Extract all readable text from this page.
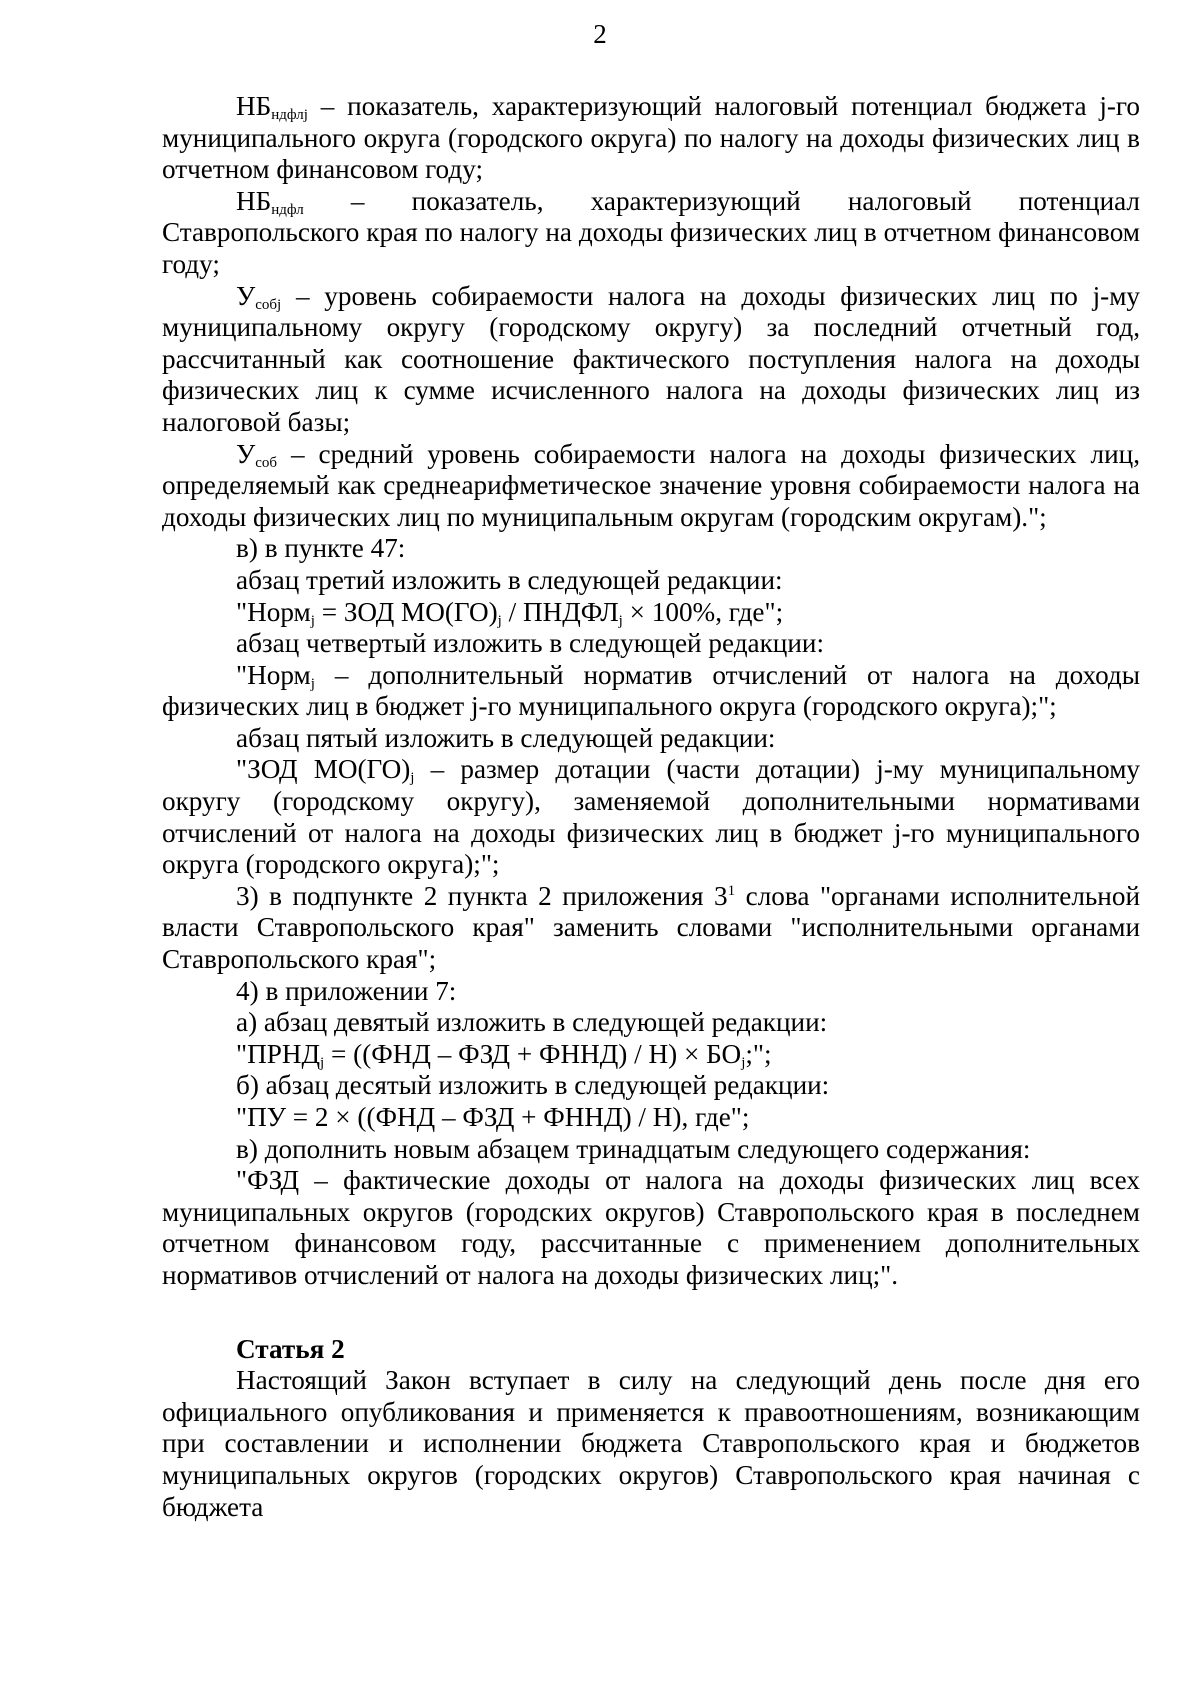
2

$НБ_{ндфлj}$ – показатель, характеризующий налоговый потенциал бюджета j-го муниципального округа (городского округа) по налогу на доходы физических лиц в отчетном финансовом году;

$НБ_{ндфл}$ – показатель, характеризующий налоговый потенциал Ставропольского края по налогу на доходы физических лиц в отчетном финансовом году;

$У_{собj}$ – уровень собираемости налога на доходы физических лиц по j-му муниципальному округу (городскому округу) за последний отчетный год, рассчитанный как соотношение фактического поступления налога на доходы физических лиц к сумме исчисленного налога на доходы физических лиц из налоговой базы;

$У_{соб}$ – средний уровень собираемости налога на доходы физических лиц, определяемый как среднеарифметическое значение уровня собираемости налога на доходы физических лиц по муниципальным округам (городским округам).";

в) в пункте 47:

абзац третий изложить в следующей редакции:

"Норм$_j$ = ЗОД $МО(ГО)_j$ / $ПНДФЛ_j \times 100\%$, где";

абзац четвертый изложить в следующей редакции:

"Норм$_j$ – дополнительный норматив отчислений от налога на доходы физических лиц в бюджет j-го муниципального округа (городского округа);";

абзац пятый изложить в следующей редакции:

"ЗОД $МО(ГО)_j$ – размер дотации (части дотации) j-му муниципальному округу (городскому округу), заменяемой дополнительными нормативами отчислений от налога на доходы физических лиц в бюджет j-го муниципального округа (городского округа);";

3) в подпункте 2 пункта 2 приложения $3^1$ слова "органами исполнительной власти Ставропольского края" заменить словами "исполнительными органами Ставропольского края";

4) в приложении 7:

а) абзац девятый изложить в следующей редакции:

"$ПРНД_j = ((ФНД$ – ФЗД + ФННД) / $Н) \times БО_j$;";

б) абзац десятый изложить в следующей редакции:

"ПУ = 2 × ((ФНД – ФЗД + ФННД) / Н), где";

в) дополнить новым абзацем тринадцатым следующего содержания:

"ФЗД – фактические доходы от налога на доходы физических лиц всех муниципальных округов (городских округов) Ставропольского края в последнем отчетном финансовом году, рассчитанные с применением дополнительных нормативов отчислений от налога на доходы физических лиц;".

Статья 2

Настоящий Закон вступает в силу на следующий день после дня его официального опубликования и применяется к правоотношениям, возникающим при составлении и исполнении бюджета Ставропольского края и бюджетов муниципальных округов (городских округов) Ставропольского края начиная с бюджета
